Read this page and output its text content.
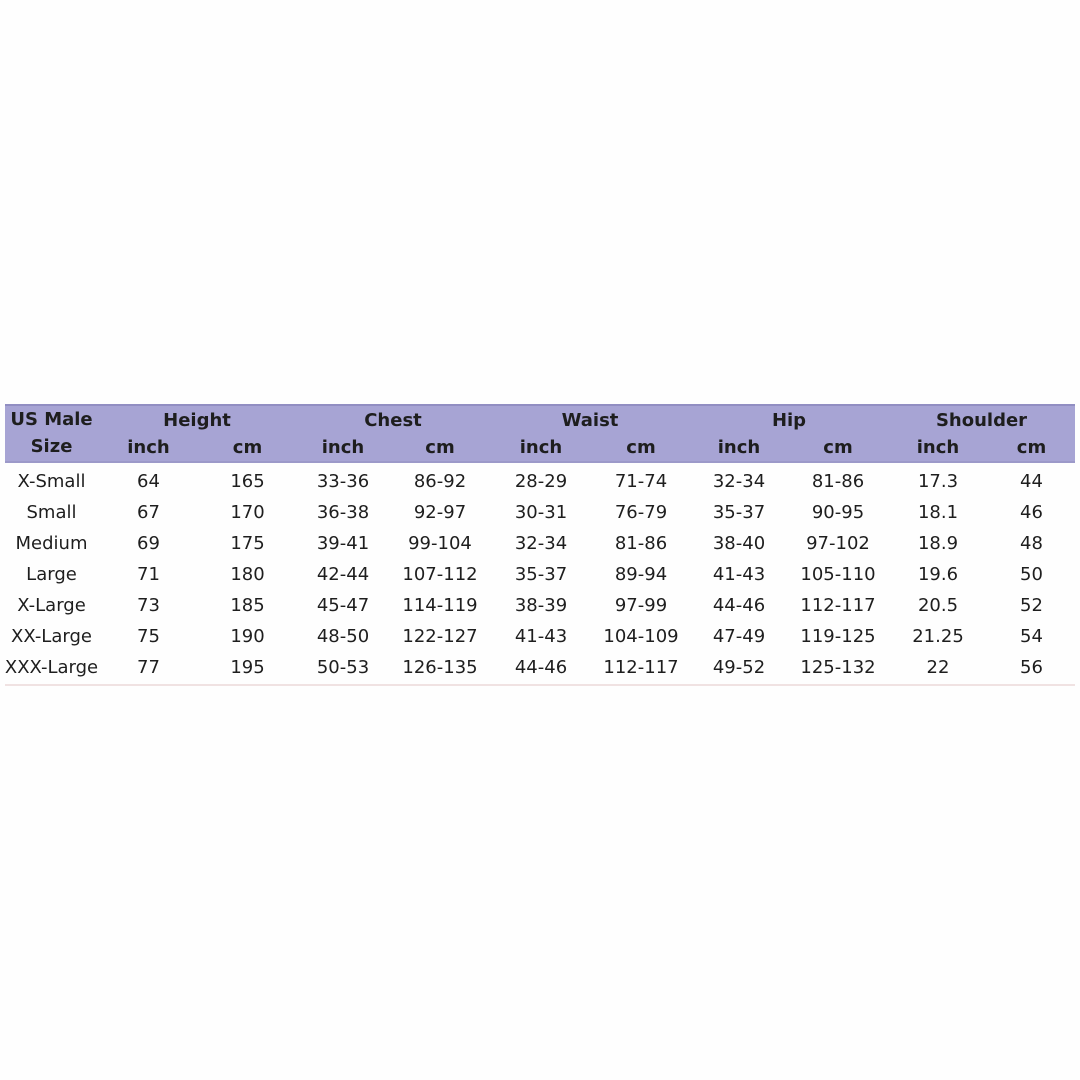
US Male
Size
Height	Chest	Waist	Hip	Shoulder
inch	cm	inch	cm	inch	cm	inch	cm	inch	cm
X-Small	64	165	33-36	86-92	28-29	71-74	32-34	81-86	17.3	44
Small	67	170	36-38	92-97	30-31	76-79	35-37	90-95	18.1	46
Medium	69	175	39-41	99-104	32-34	81-86	38-40	97-102	18.9	48
Large	71	180	42-44	107-112	35-37	89-94	41-43	105-110	19.6	50
X-Large	73	185	45-47	114-119	38-39	97-99	44-46	112-117	20.5	52
XX-Large	75	190	48-50	122-127	41-43	104-109	47-49	119-125	21.25	54
XXX-Large	77	195	50-53	126-135	44-46	112-117	49-52	125-132	22	56
